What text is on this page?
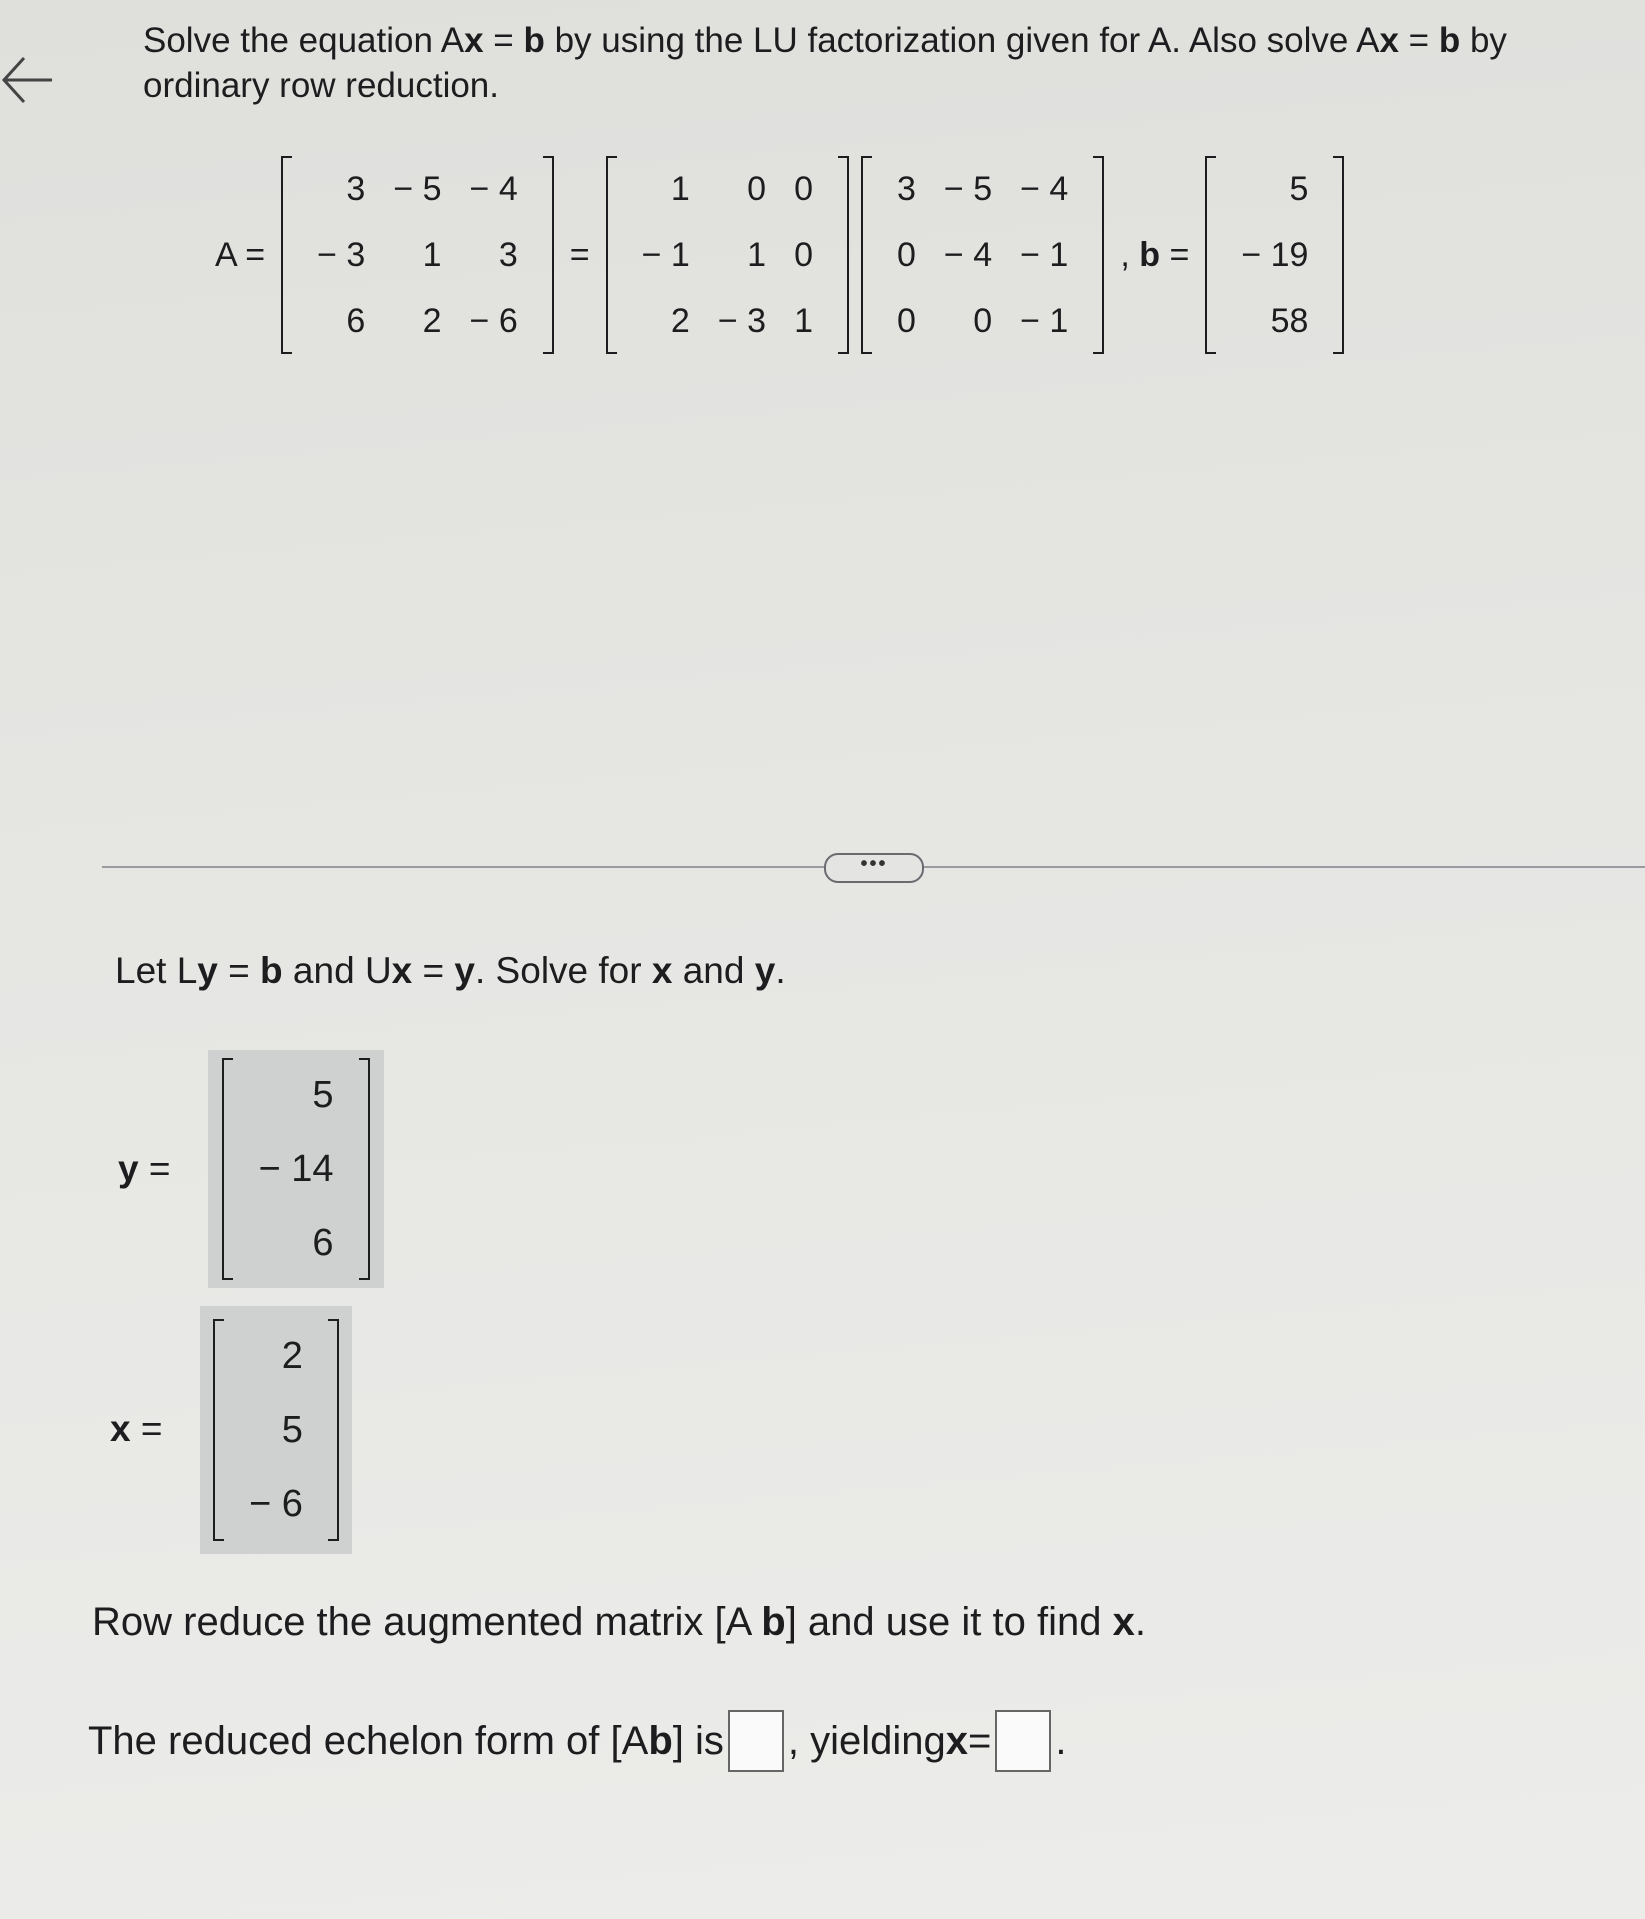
Solve the equation Ax = b by using the LU factorization given for A. Also solve Ax = b by
ordinary row reduction.
A =
3	− 5	− 4
− 3	1	3
6	2	− 6
=
1	0	0
− 1	1	0
2	− 3	1
3	− 5	− 4
0	− 4	− 1
0	0	− 1
, b =
5
− 19
58
•••
Let Ly = b and Ux = y. Solve for x and y.
y =
5
− 14
6
x =
2
5
− 6
Row reduce the augmented matrix [A b] and use it to find x.
The reduced echelon form of [A b ] is , yielding x = .
